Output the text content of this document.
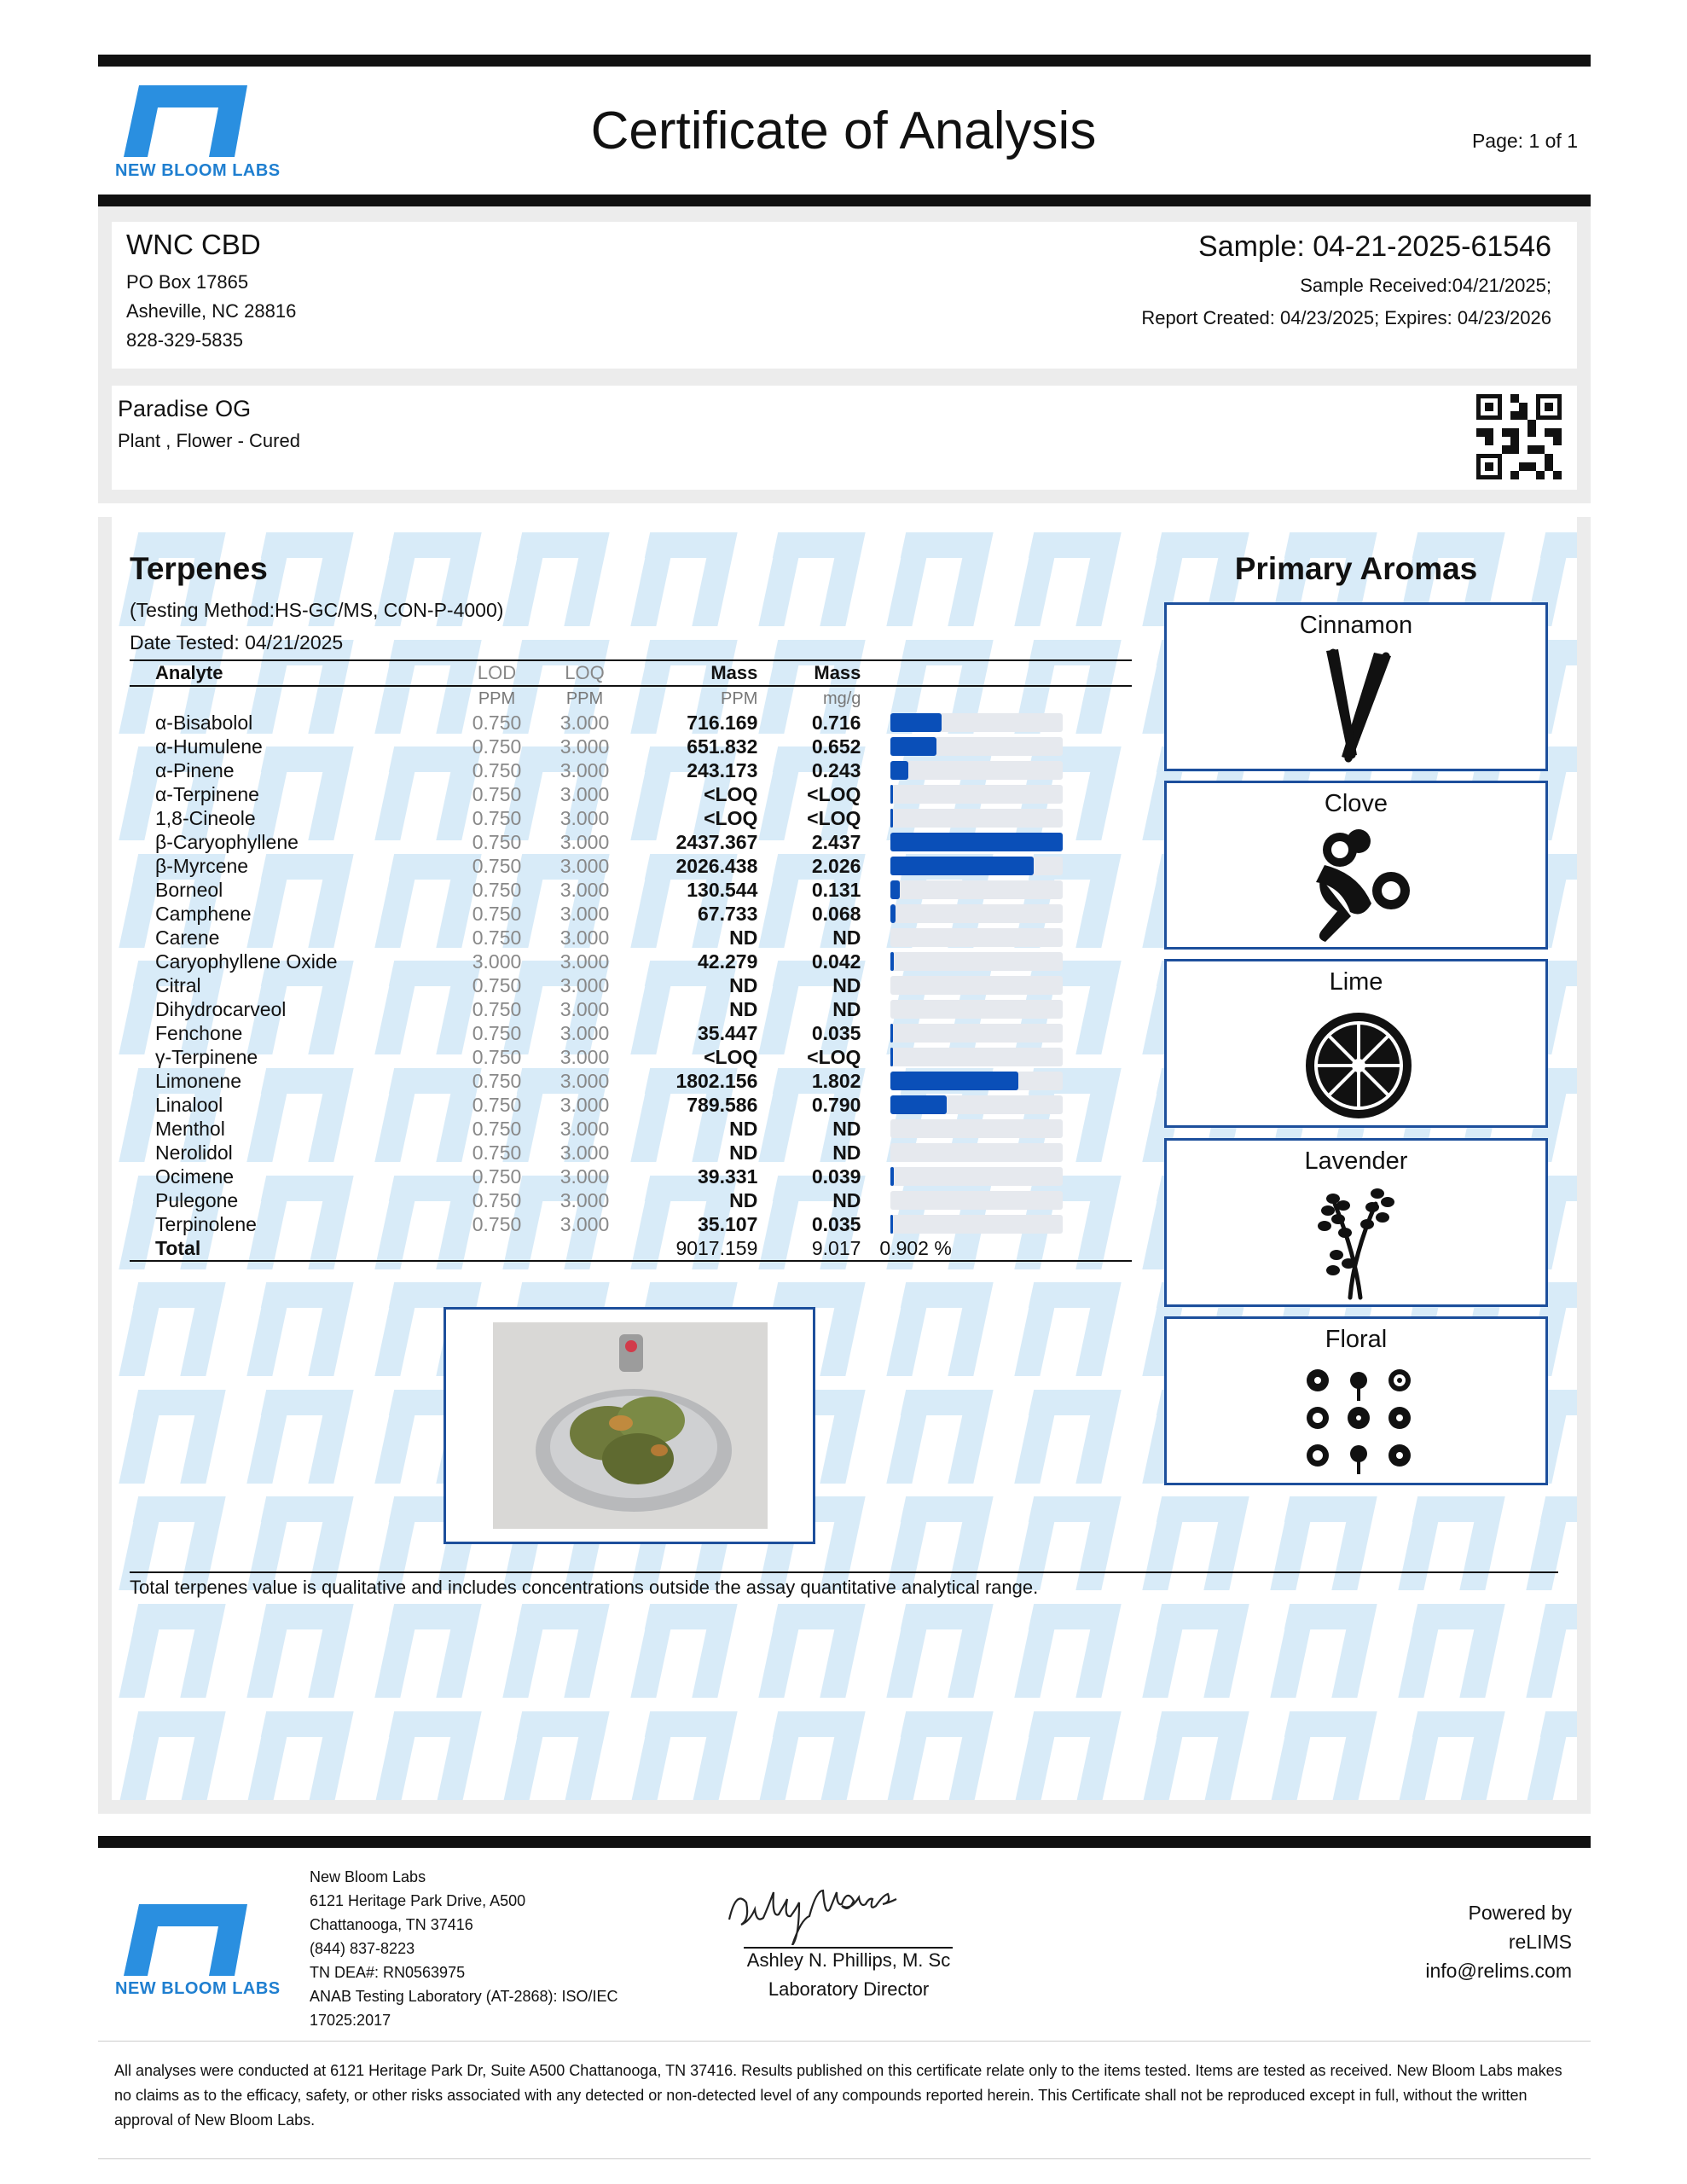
NEW BLOOM LABS
Certificate of Analysis	Page: 1 of 1
WNC CBD
PO Box 17865
Asheville, NC 28816
828-329-5835
Sample: 04-21-2025-61546
Sample Received:04/21/2025;
Report Created: 04/23/2025; Expires: 04/23/2026
Paradise OG
Plant , Flower - Cured
Terpenes
(Testing Method:HS-GC/MS, CON-P-4000)
Date Tested: 04/21/2025
Analyte	LOD	LOQ	Mass	Mass	
	PPM	PPM	PPM	mg/g	
α-Bisabolol	0.750	3.000	716.169	0.716	

α-Humulene	0.750	3.000	651.832	0.652	

α-Pinene	0.750	3.000	243.173	0.243	

α-Terpinene	0.750	3.000	<LOQ	<LOQ	

1,8-Cineole	0.750	3.000	<LOQ	<LOQ	

β-Caryophyllene	0.750	3.000	2437.367	2.437	

β-Myrcene	0.750	3.000	2026.438	2.026	

Borneol	0.750	3.000	130.544	0.131	

Camphene	0.750	3.000	67.733	0.068	

Carene	0.750	3.000	ND	ND	

Caryophyllene Oxide	3.000	3.000	42.279	0.042	

Citral	0.750	3.000	ND	ND	

Dihydrocarveol	0.750	3.000	ND	ND	

Fenchone	0.750	3.000	35.447	0.035	

γ-Terpinene	0.750	3.000	<LOQ	<LOQ	

Limonene	0.750	3.000	1802.156	1.802	

Linalool	0.750	3.000	789.586	0.790	

Menthol	0.750	3.000	ND	ND	

Nerolidol	0.750	3.000	ND	ND	

Ocimene	0.750	3.000	39.331	0.039	

Pulegone	0.750	3.000	ND	ND	

Terpinolene	0.750	3.000	35.107	0.035	

Total			9017.159	9.017	0.902 %
Total terpenes value is qualitative and includes concentrations outside the assay quantitative analytical range.
Primary Aromas
Cinnamon
Clove
Lime
Lavender
Floral
NEW BLOOM LABS
New Bloom Labs
6121 Heritage Park Drive, A500
Chattanooga, TN 37416
(844) 837-8223
TN DEA#: RN0563975
ANAB Testing Laboratory (AT-2868): ISO/IEC
17025:2017
Ashley N. Phillips, M. Sc
Laboratory Director
Powered by
reLIMS
info@relims.com
All analyses were conducted at 6121 Heritage Park Dr, Suite A500 Chattanooga, TN 37416. Results published on this certificate relate only to the items tested. Items are tested as received. New Bloom Labs makes no claims as to the efficacy, safety, or other risks associated with any detected or non-detected level of any compounds reported herein. This Certificate shall not be reproduced except in full, without the written approval of New Bloom Labs.
